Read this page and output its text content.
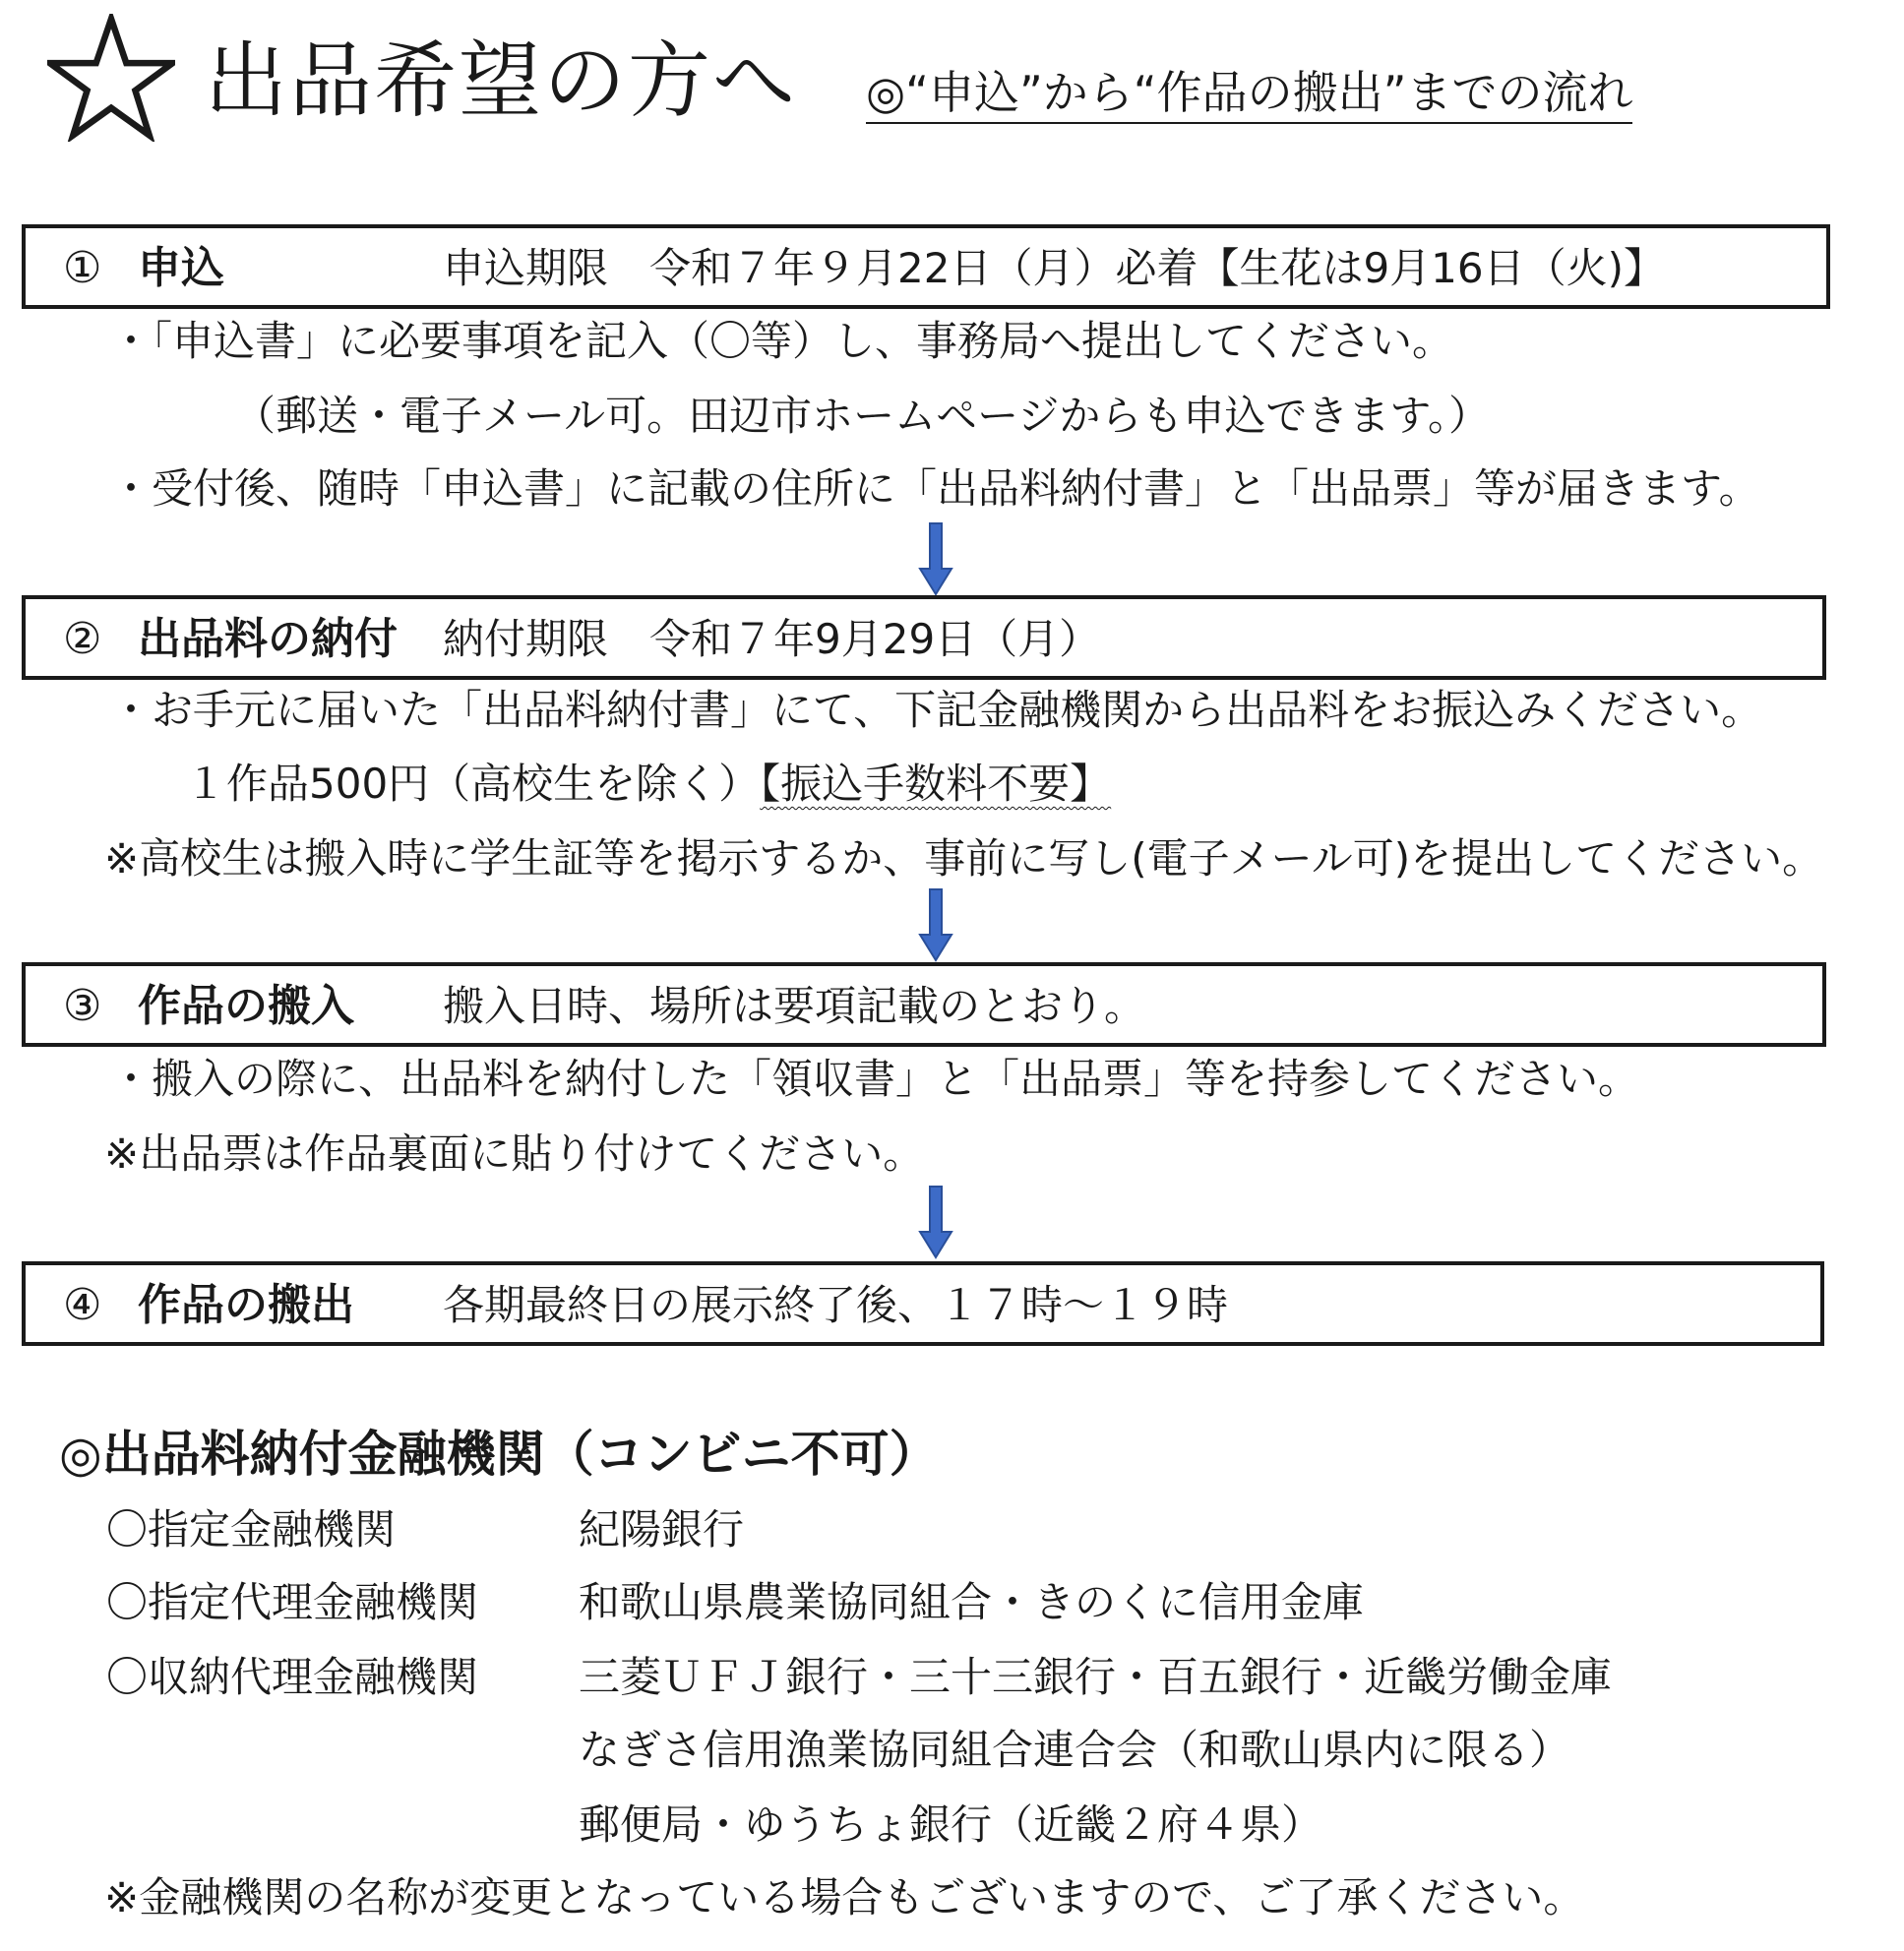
出品希望の方へ ◎“申込”から“作品の搬出”までの流れ
① 申込	申込期限　令和７年９月22日（月）必着【生花は9月16日（火)】
・「申込書」に必要事項を記入（〇等）し、事務局へ提出してください。
（郵送・電子メール可。田辺市ホームページからも申込できます。）
・受付後、随時「申込書」に記載の住所に「出品料納付書」と「出品票」等が届きます。
② 出品料の納付 納付期限　令和７年9月29日（月）
・お手元に届いた「出品料納付書」にて、下記金融機関から出品料をお振込みください。
１作品500円（高校生を除く）【振込手数料不要】
※高校生は搬入時に学生証等を掲示するか、事前に写し(電子メール可)を提出してください。
③ 作品の搬入 搬入日時、場所は要項記載のとおり。
・搬入の際に、出品料を納付した「領収書」と「出品票」等を持参してください。
※出品票は作品裏面に貼り付けてください。
④ 作品の搬出 各期最終日の展示終了後、１７時～１９時
◎出品料納付金融機関（コンビニ不可）
〇指定金融機関	紀陽銀行
〇指定代理金融機関 和歌山県農業協同組合・きのくに信用金庫
〇収納代理金融機関 三菱ＵＦＪ銀行・三十三銀行・百五銀行・近畿労働金庫
なぎさ信用漁業協同組合連合会（和歌山県内に限る）
郵便局・ゆうちょ銀行（近畿２府４県）
※金融機関の名称が変更となっている場合もございますので、ご了承ください。
